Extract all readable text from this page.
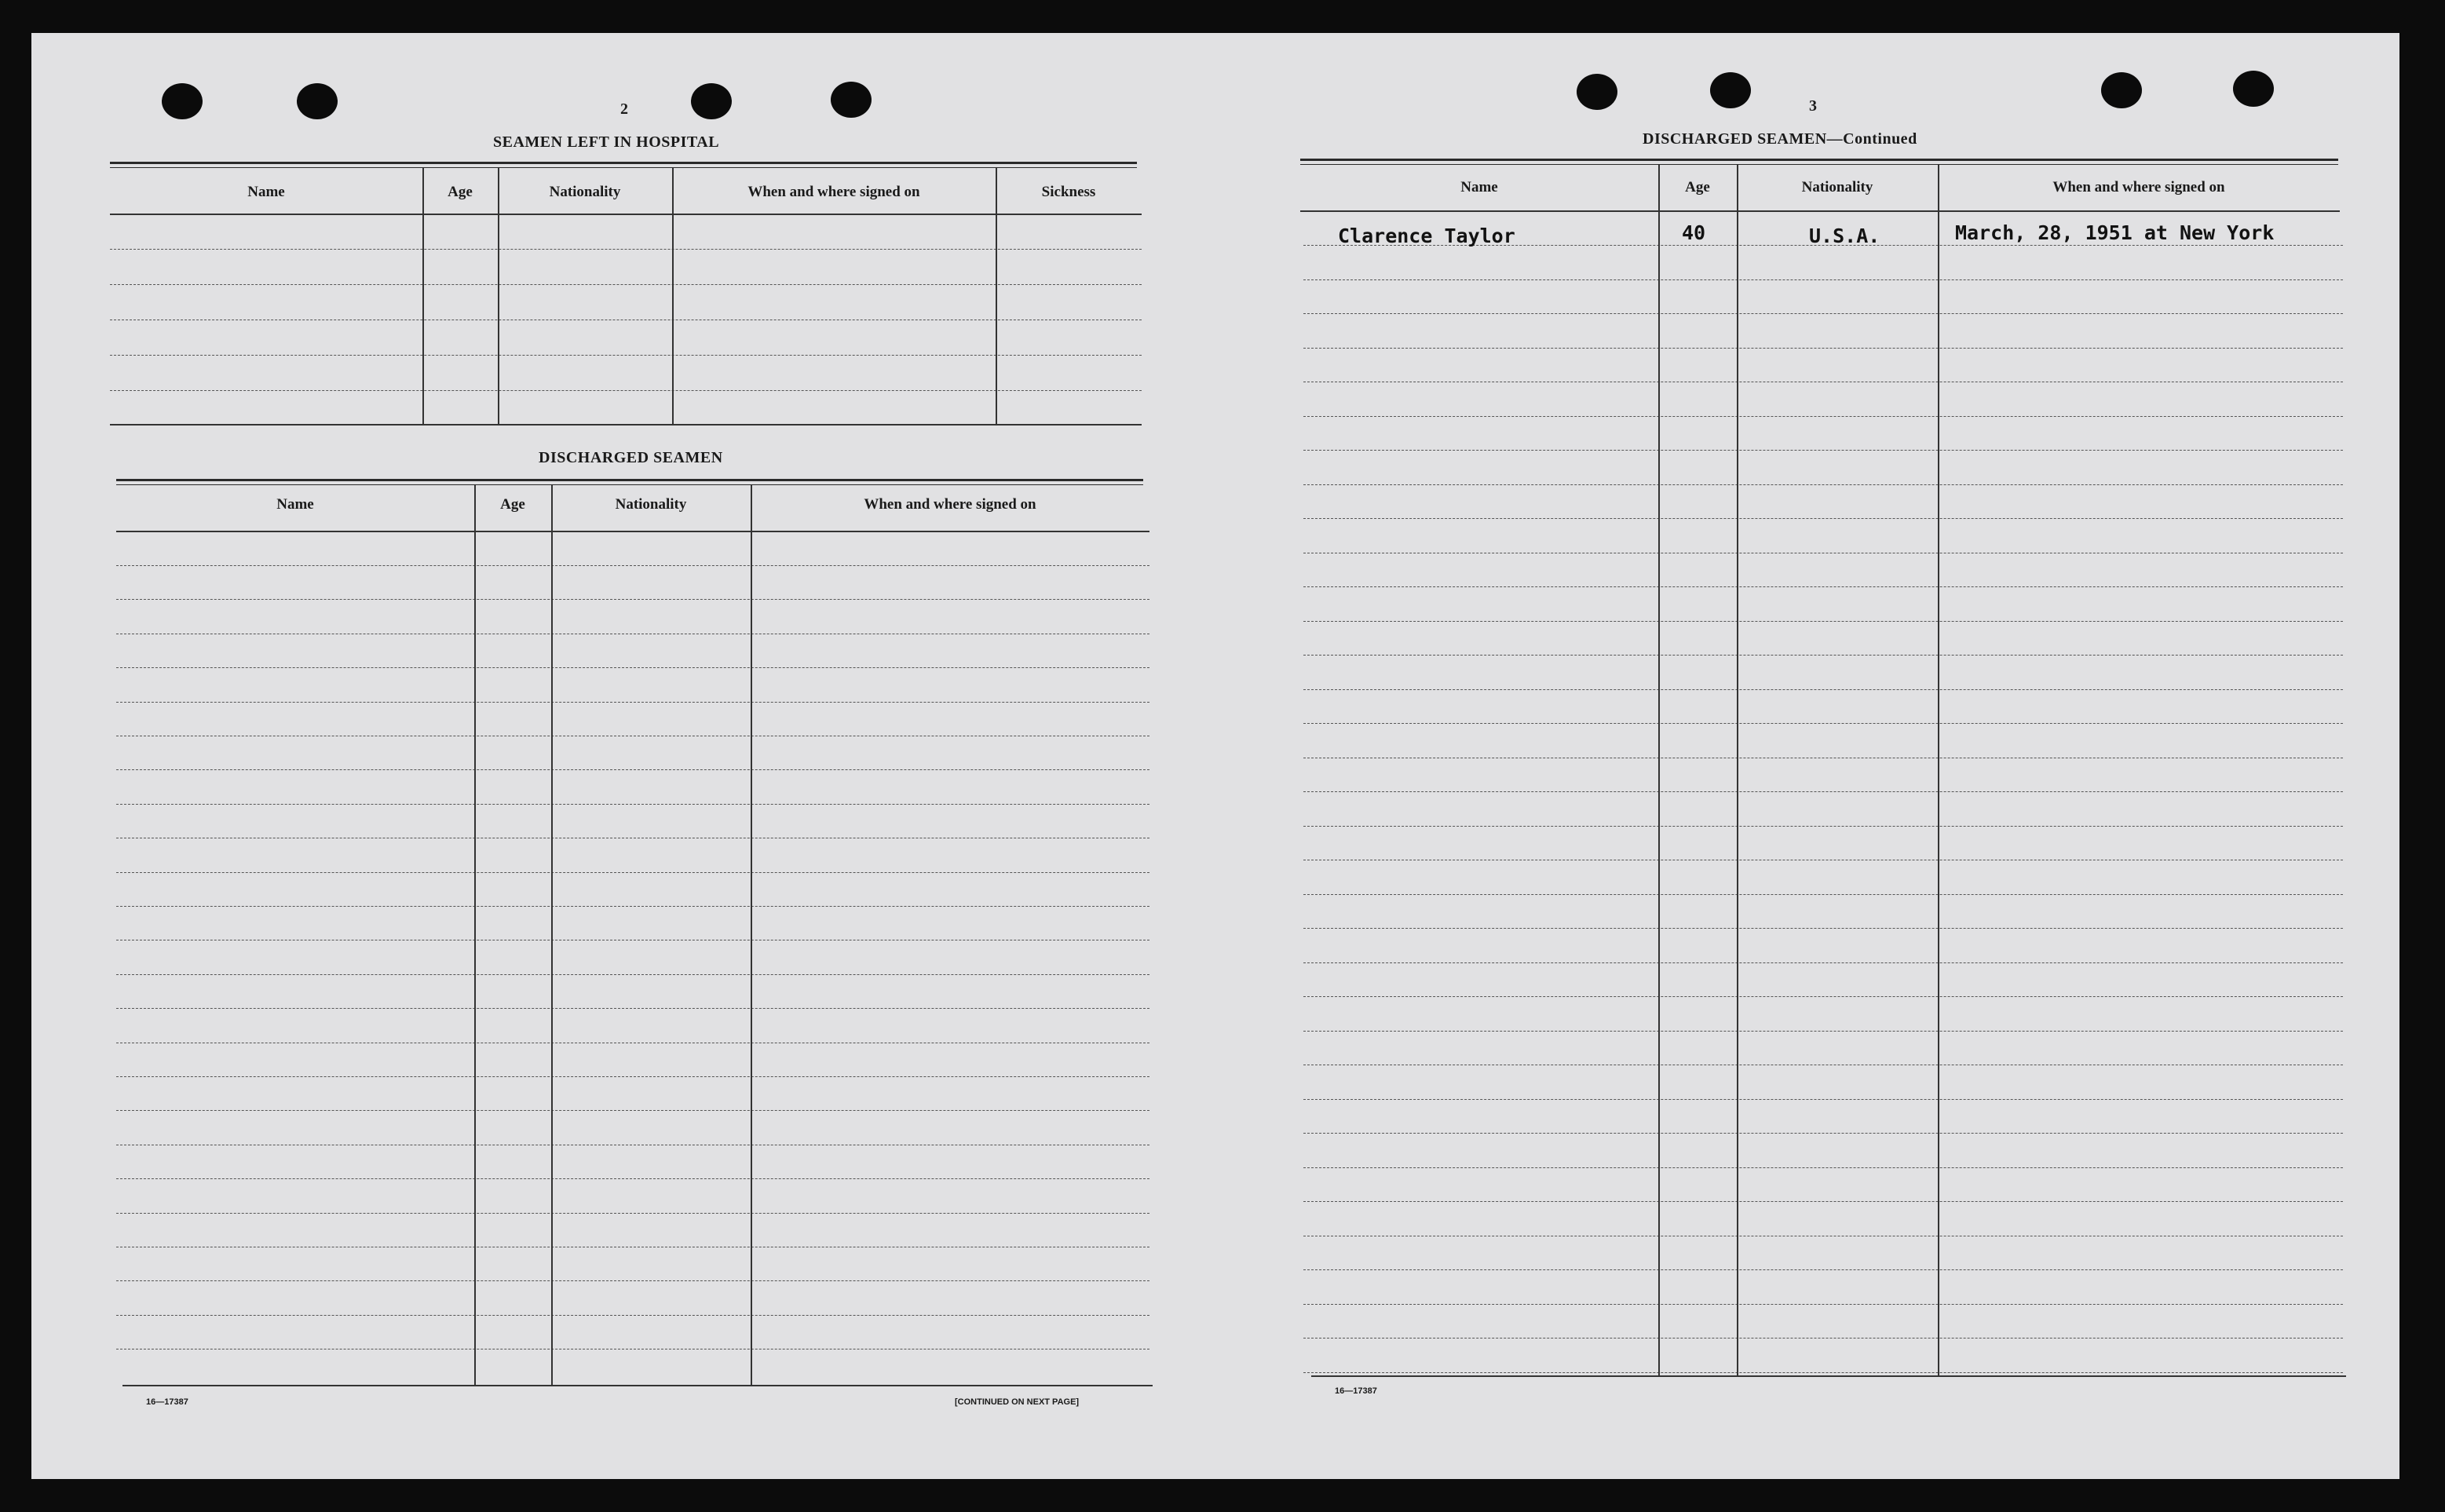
2
SEAMEN LEFT IN HOSPITAL
Name	Age	Nationality	When and where signed on	Sickness
DISCHARGED SEAMEN
Name	Age	Nationality	When and where signed on
16—17387	[CONTINUED ON NEXT PAGE]
3
DISCHARGED SEAMEN—Continued
Name	Age	Nationality	When and where signed on
Clarence Taylor	40	U.S.A.	March, 28, 1951 at New York
16—17387
